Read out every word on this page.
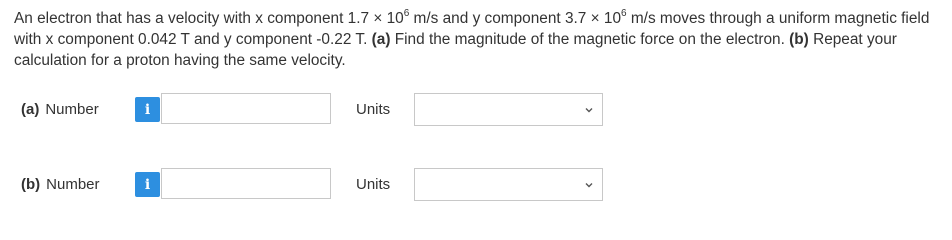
An electron that has a velocity with x component $1.7 \times 10^6$ m/s and y component $3.7 \times 10^6$ m/s moves through a uniform magnetic field with x component 0.042 T and y component -0.22 T. (a) Find the magnitude of the magnetic force on the electron. (b) Repeat your calculation for a proton having the same velocity.
(a) Number	i	Units
(b) Number	i	Units
